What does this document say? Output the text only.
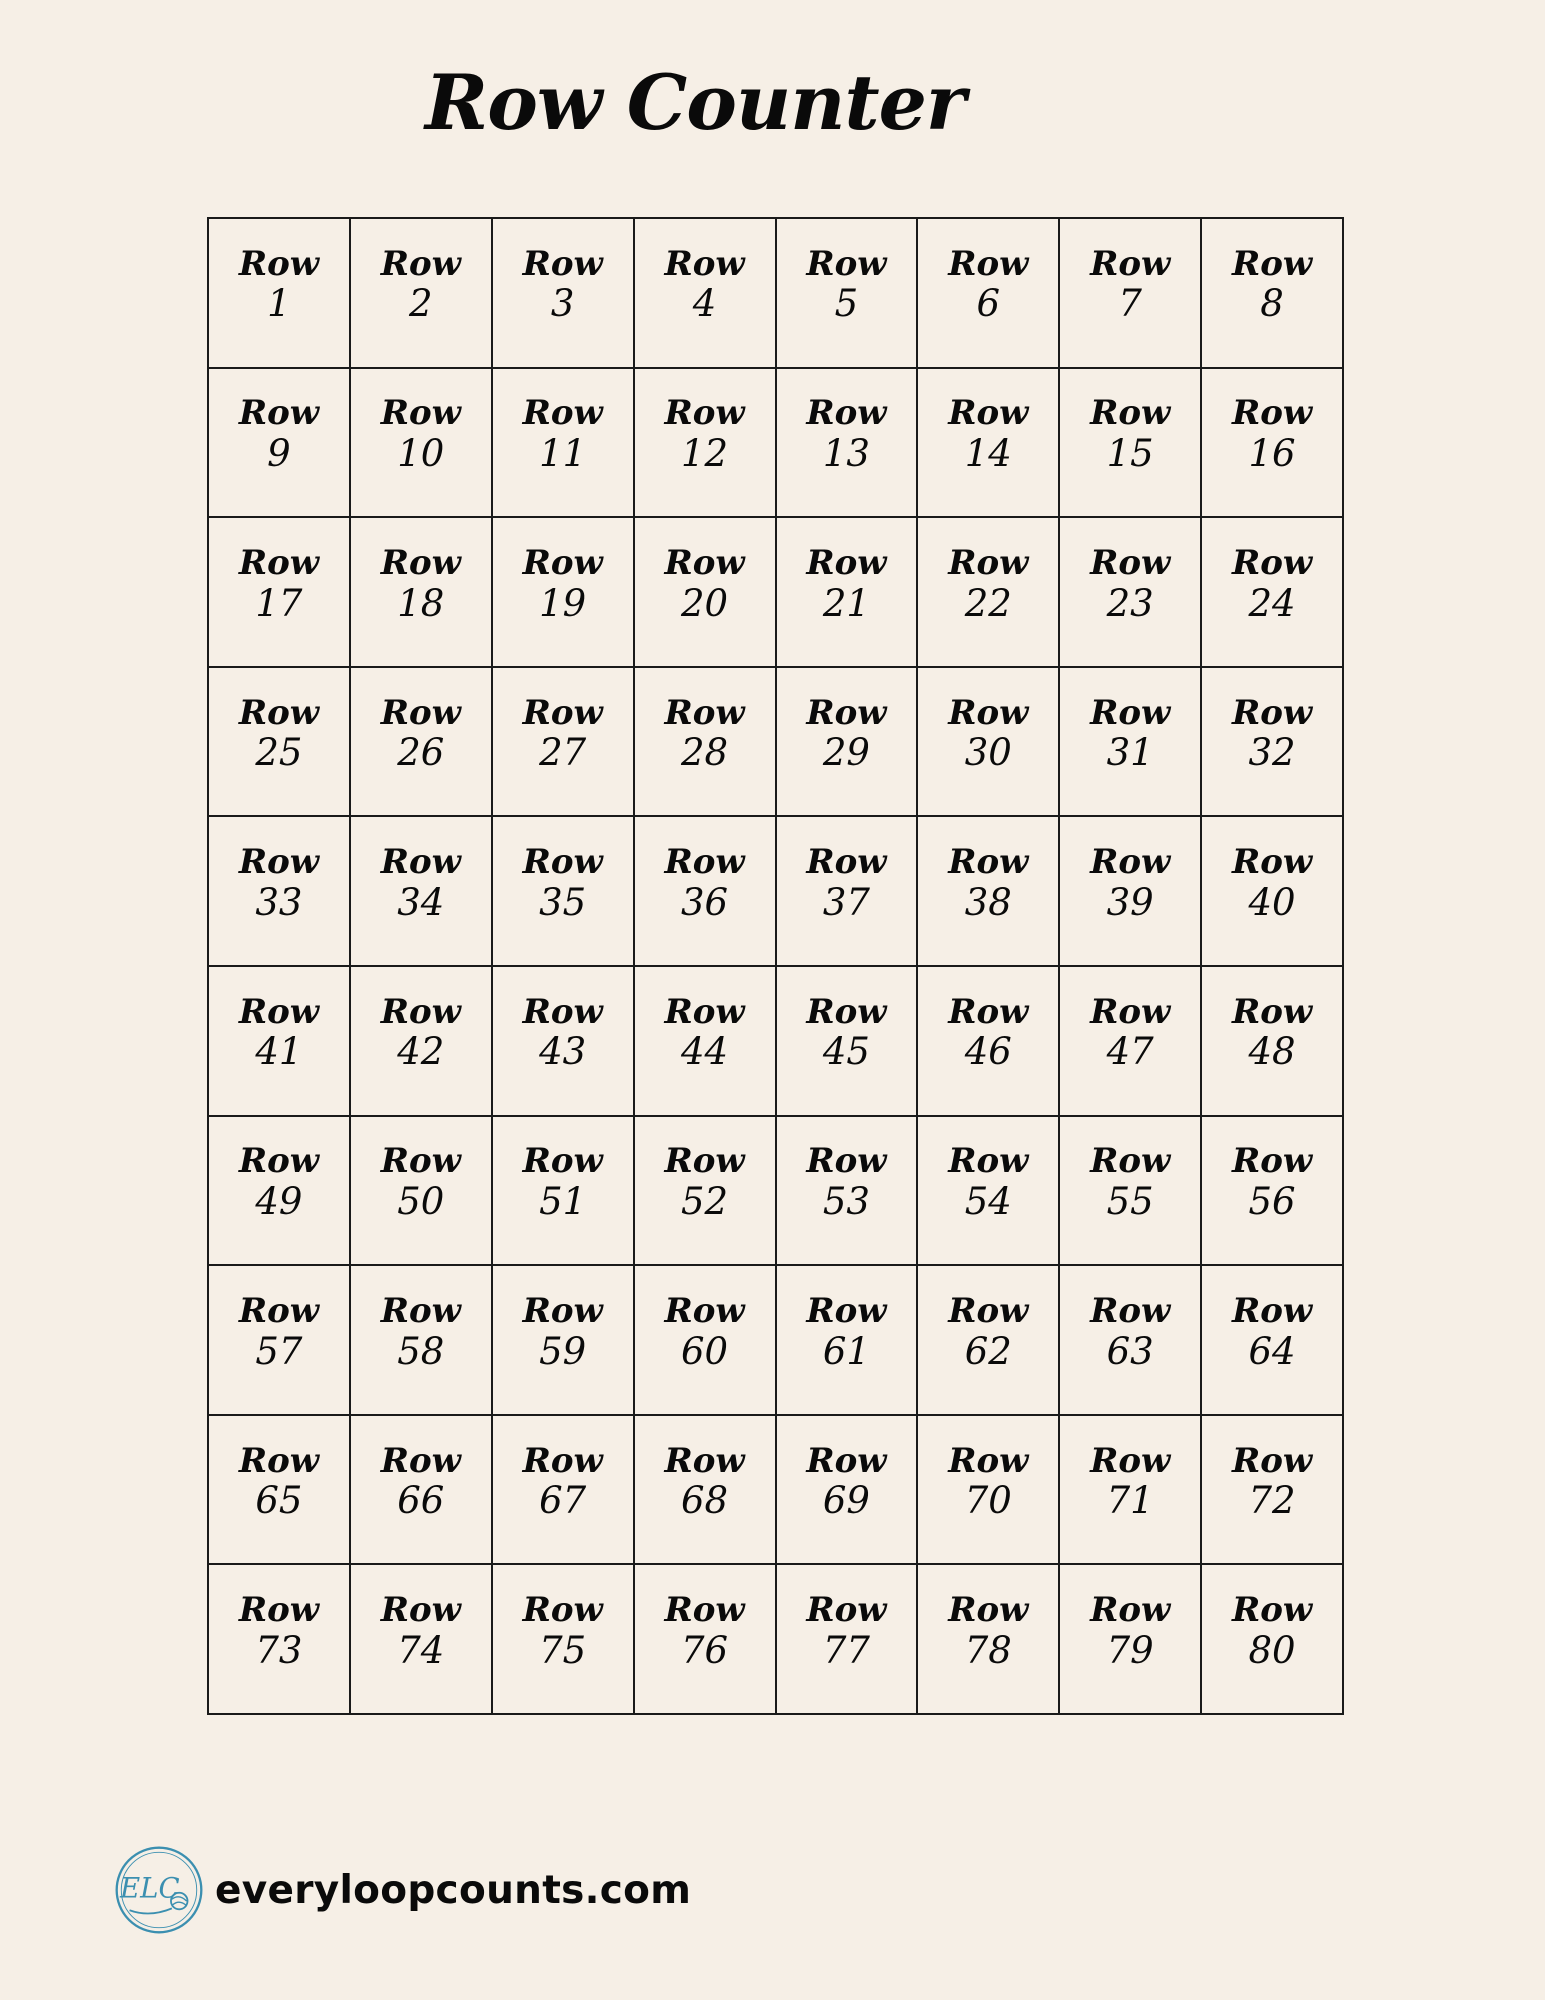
Row Counter
Row
1
Row
2
Row
3
Row
4
Row
5
Row
6
Row
7
Row
8
Row
9
Row
10
Row
11
Row
12
Row
13
Row
14
Row
15
Row
16
Row
17
Row
18
Row
19
Row
20
Row
21
Row
22
Row
23
Row
24
Row
25
Row
26
Row
27
Row
28
Row
29
Row
30
Row
31
Row
32
Row
33
Row
34
Row
35
Row
36
Row
37
Row
38
Row
39
Row
40
Row
41
Row
42
Row
43
Row
44
Row
45
Row
46
Row
47
Row
48
Row
49
Row
50
Row
51
Row
52
Row
53
Row
54
Row
55
Row
56
Row
57
Row
58
Row
59
Row
60
Row
61
Row
62
Row
63
Row
64
Row
65
Row
66
Row
67
Row
68
Row
69
Row
70
Row
71
Row
72
Row
73
Row
74
Row
75
Row
76
Row
77
Row
78
Row
79
Row
80
ELC everyloopcounts.com
